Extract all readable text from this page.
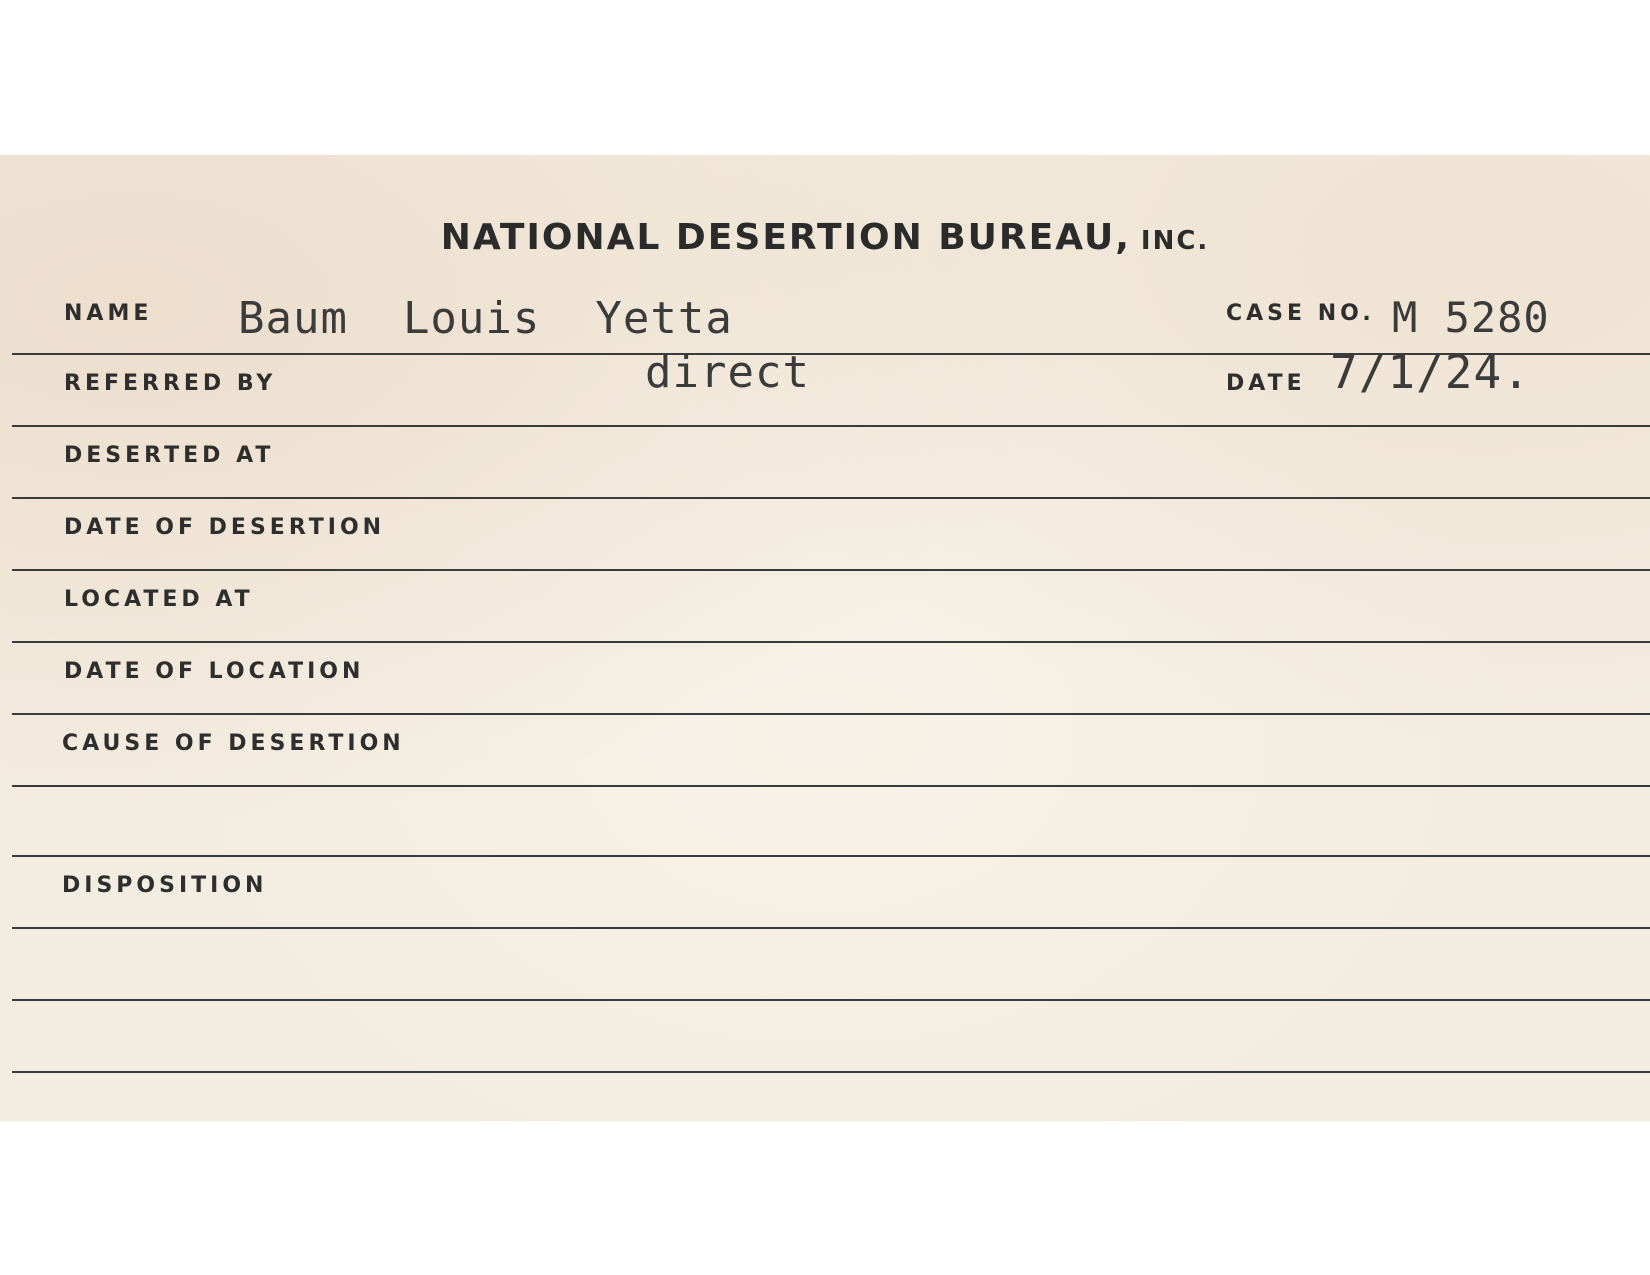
NATIONAL DESERTION BUREAU, INC.
NAME Baum  Louis  Yetta	CASE NO. M 5280
REFERRED BY	direct	DATE 7/1/24.
DESERTED AT
DATE OF DESERTION
LOCATED AT
DATE OF LOCATION
CAUSE OF DESERTION
DISPOSITION
